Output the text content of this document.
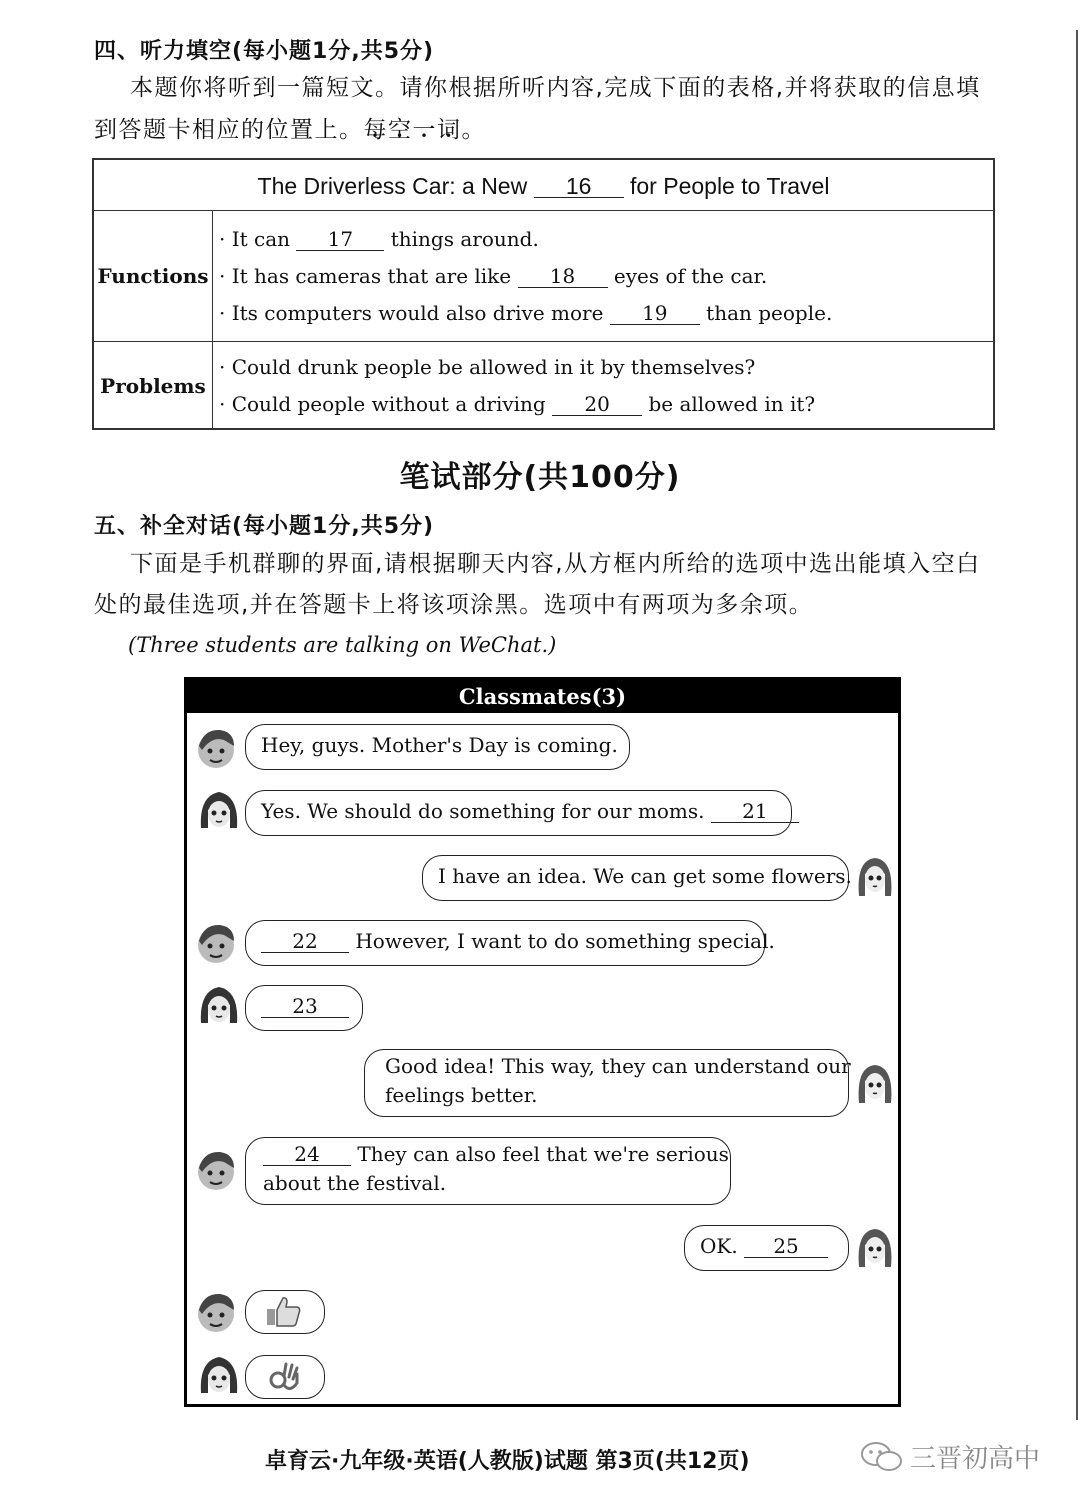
四、听力填空(每小题1分,共5分)
本题你将听到一篇短文。请你根据所听内容,完成下面的表格,并将获取的信息填
到答题卡相应的位置上。每空一词。
The Driverless Car: a New 16 for People to Travel
Functions
· It can 17 things around.
· It has cameras that are like 18 eyes of the car.
· Its computers would also drive more 19 than people.
Problems
· Could drunk people be allowed in it by themselves?
· Could people without a driving 20 be allowed in it?
笔试部分(共100分)
五、补全对话(每小题1分,共5分)
下面是手机群聊的界面,请根据聊天内容,从方框内所给的选项中选出能填入空白
处的最佳选项,并在答题卡上将该项涂黑。选项中有两项为多余项。
(Three students are talking on WeChat.)
Classmates(3)
Hey, guys. Mother's Day is coming.
Yes. We should do something for our moms. 21
I have an idea. We can get some flowers.
22 However, I want to do something special.
23
Good idea! This way, they can understand our
feelings better.
24 They can also feel that we're serious
about the festival.
OK. 25
卓育云·九年级·英语(人教版)试题 第3页(共12页)	三晋初高中
